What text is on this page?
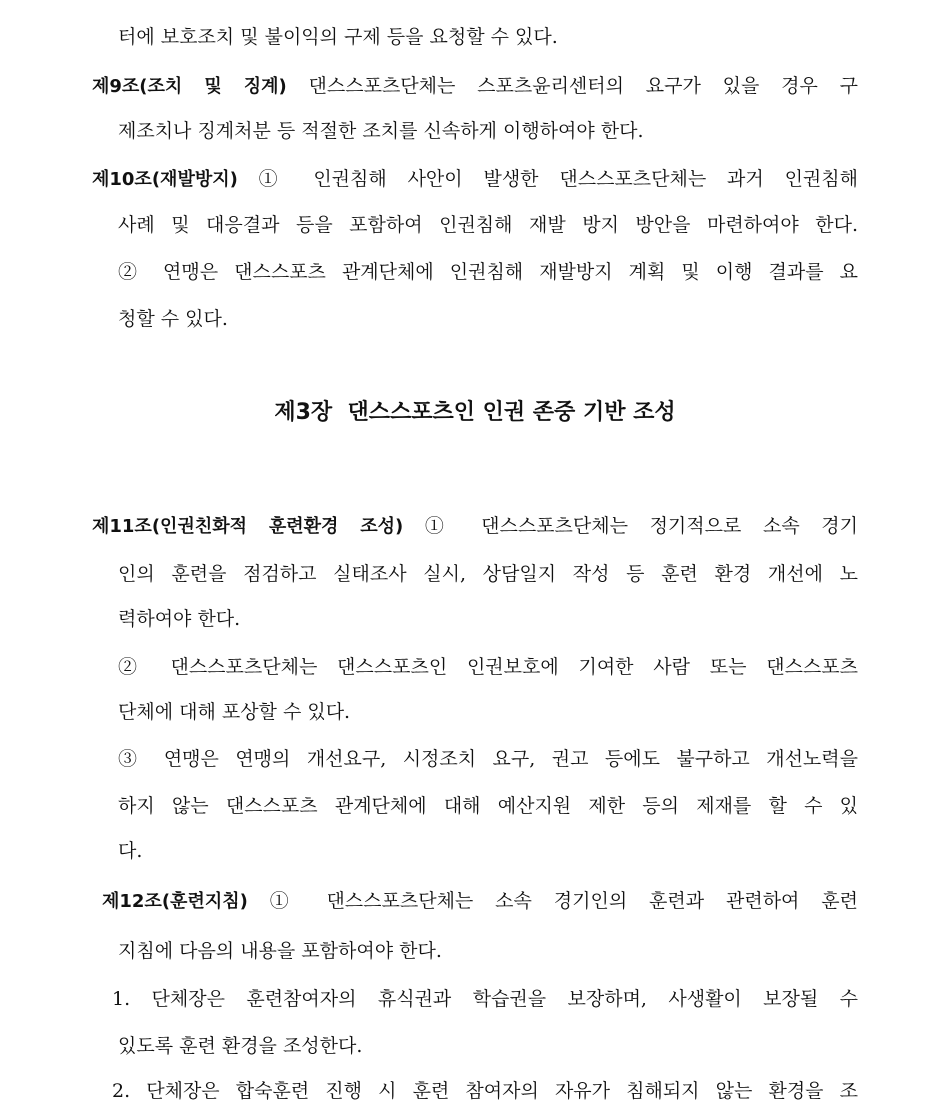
터에 보호조치 및 불이익의 구제 등을 요청할 수 있다.
제9조(조치 및 징계) 댄스스포츠단체는 스포츠윤리센터의 요구가 있을 경우 구
제조치나 징계처분 등 적절한 조치를 신속하게 이행하여야 한다.
제10조(재발방지) ① 인권침해 사안이 발생한 댄스스포츠단체는 과거 인권침해
사례 및 대응결과 등을 포함하여 인권침해 재발 방지 방안을 마련하여야 한다.
② 연맹은 댄스스포츠 관계단체에 인권침해 재발방지 계획 및 이행 결과를 요
청할 수 있다.
제3장  댄스스포츠인 인권 존중 기반 조성
제11조(인권친화적 훈련환경 조성) ① 댄스스포츠단체는 정기적으로 소속 경기
인의 훈련을 점검하고 실태조사 실시, 상담일지 작성 등 훈련 환경 개선에 노
력하여야 한다.
② 댄스스포츠단체는 댄스스포츠인 인권보호에 기여한 사람 또는 댄스스포츠
단체에 대해 포상할 수 있다.
③ 연맹은 연맹의 개선요구, 시정조치 요구, 권고 등에도 불구하고 개선노력을
하지 않는 댄스스포츠 관계단체에 대해 예산지원 제한 등의 제재를 할 수 있
다.
제12조(훈련지침) ① 댄스스포츠단체는 소속 경기인의 훈련과 관련하여 훈련
지침에 다음의 내용을 포함하여야 한다.
1. 단체장은 훈련참여자의 휴식권과 학습권을 보장하며, 사생활이 보장될 수
있도록 훈련 환경을 조성한다.
2. 단체장은 합숙훈련 진행 시 훈련 참여자의 자유가 침해되지 않는 환경을 조
